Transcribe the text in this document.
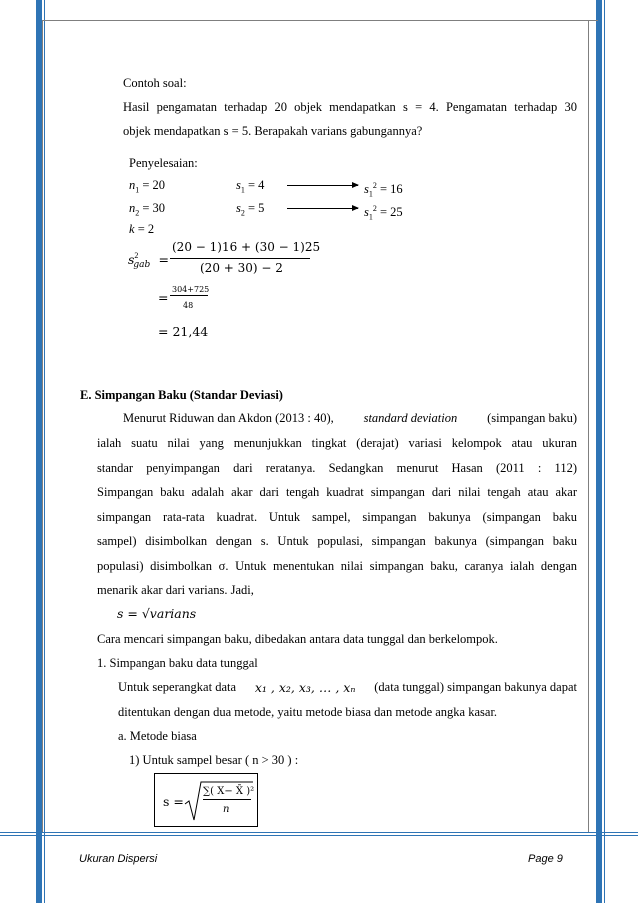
Contoh soal:
Hasil pengamatan terhadap 20 objek mendapatkan s = 4. Pengamatan terhadap 30
objek mendapatkan s = 5. Berapakah varians gabungannya?
Penyelesaian:
$n_1 = 20$	$s_1 = 4$	$s_1^2 = 16$
$n_2 = 30$	$s_2 = 5$	$s_1^2 = 25$
k = 2
$s^2_{gab}$ =
(20 − 1)16 + (30 − 1)25
(20 + 30) − 2
=
304+725
48
= 21,44
E. Simpangan Baku (Standar Deviasi)
Menurut Riduwan dan Akdon (2013 : 40), standard deviation (simpangan baku)
ialah suatu nilai yang menunjukkan tingkat (derajat) variasi kelompok atau ukuran
standar penyimpangan dari reratanya. Sedangkan menurut Hasan (2011 : 112)
Simpangan baku adalah akar dari tengah kuadrat simpangan dari nilai tengah atau akar
simpangan rata-rata kuadrat. Untuk sampel, simpangan bakunya (simpangan baku
sampel) disimbolkan dengan s. Untuk populasi, simpangan bakunya (simpangan baku
populasi) disimbolkan σ. Untuk menentukan nilai simpangan baku, caranya ialah dengan
menarik akar dari varians. Jadi,
s = √varians
Cara mencari simpangan baku, dibedakan antara data tunggal dan berkelompok.
1. Simpangan baku data tunggal
Untuk seperangkat data x₁ , x₂, x₃, … , xₙ (data tunggal) simpangan bakunya dapat
ditentukan dengan dua metode, yaitu metode biasa dan metode angka kasar.
a. Metode biasa
1) Untuk sampel besar ( n > 30 ) :
s =
∑( X− X̄ )²
n
Ukuran Dispersi	Page 9
